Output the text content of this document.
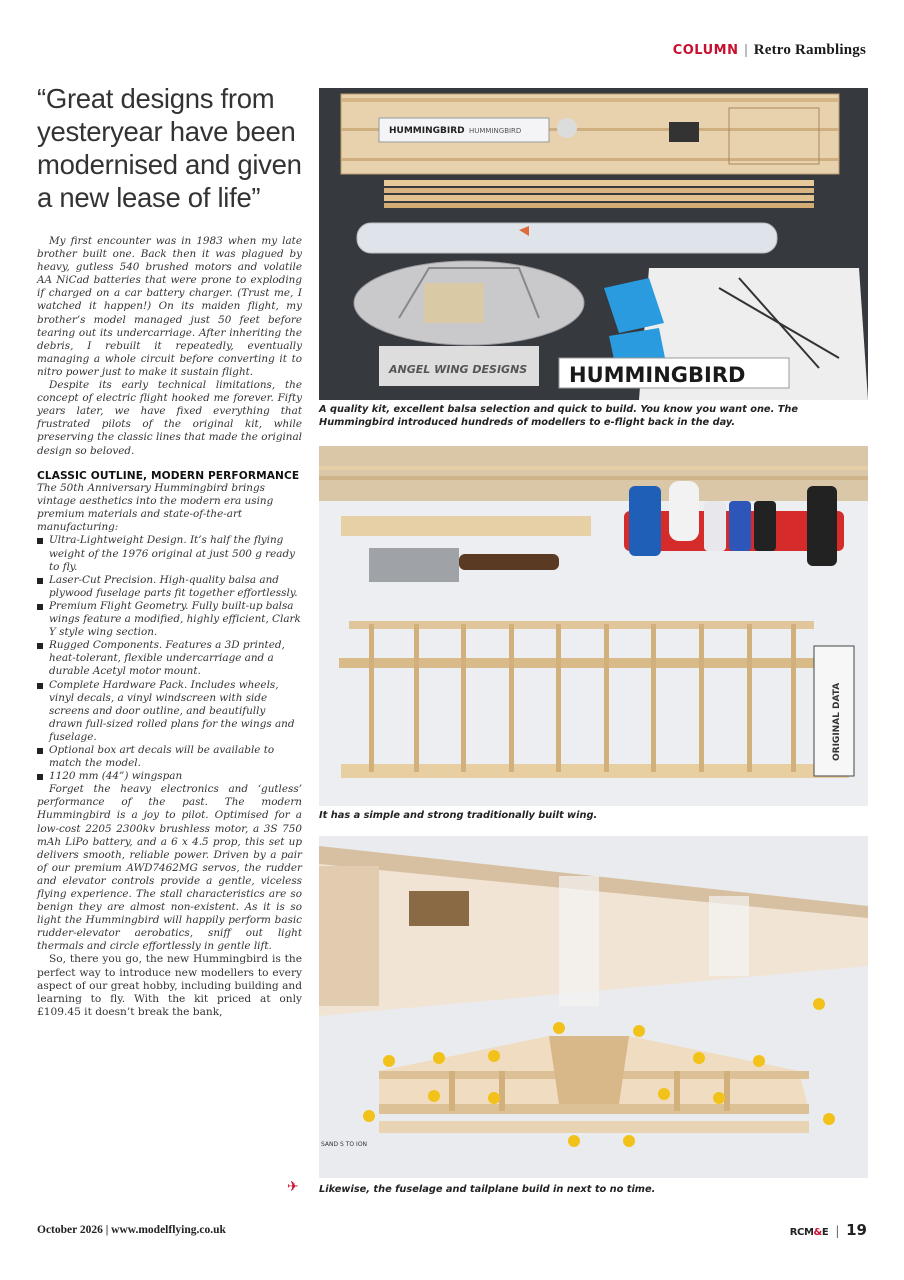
COLUMN | Retro Ramblings
“Great designs from yesteryear have been modernised and given a new lease of life”

My first encounter was in 1983 when my late brother built one. Back then it was plagued by heavy, gutless 540 brushed motors and volatile AA NiCad batteries that were prone to exploding if charged on a car battery charger. (Trust me, I watched it happen!) On its maiden flight, my brother’s model managed just 50 feet before tearing out its undercarriage. After inheriting the debris, I rebuilt it repeatedly, eventually managing a whole circuit before converting it to nitro power just to make it sustain flight.

Despite its early technical limitations, the concept of electric flight hooked me forever. Fifty years later, we have fixed everything that frustrated pilots of the original kit, while preserving the classic lines that made the original design so beloved.

CLASSIC OUTLINE, MODERN PERFORMANCE

The 50th Anniversary Hummingbird brings vintage aesthetics into the modern era using premium materials and state-of-the-art manufacturing:

Ultra-Lightweight Design. It’s half the flying weight of the 1976 original at just 500 g ready to fly.
Laser-Cut Precision. High-quality balsa and plywood fuselage parts fit together effortlessly.
Premium Flight Geometry. Fully built-up balsa wings feature a modified, highly efficient, Clark Y style wing section.
Rugged Components. Features a 3D printed, heat-tolerant, flexible undercarriage and a durable Acetyl motor mount.
Complete Hardware Pack. Includes wheels, vinyl decals, a vinyl windscreen with side screens and door outline, and beautifully drawn full-sized rolled plans for the wings and fuselage.
Optional box art decals will be available to match the model.
1120 mm (44”) wingspan

Forget the heavy electronics and ‘gutless’ performance of the past. The modern Hummingbird is a joy to pilot. Optimised for a low-cost 2205 2300kv brushless motor, a 3S 750 mAh LiPo battery, and a 6 x 4.5 prop, this set up delivers smooth, reliable power. Driven by a pair of our premium AWD7462MG servos, the rudder and elevator controls provide a gentle, viceless flying experience. The stall characteristics are so benign they are almost non-existent. As it is so light the Hummingbird will happily perform basic rudder-elevator aerobatics, sniff out light thermals and circle effortlessly in gentle lift.

So, there you go, the new Hummingbird is the perfect way to introduce new modellers to every aspect of our great hobby, including building and learning to fly. With the kit priced at only £109.45 it doesn’t break the bank,

✈
HUMMINGBIRD HUMMINGBIRD
HUMMINGBIRD
ANGEL WING DESIGNS
A quality kit, excellent balsa selection and quick to build. You know you want one. The Hummingbird introduced hundreds of modellers to e-flight back in the day.
ORIGINAL DATA
It has a simple and strong traditionally built wing.
SAND S TO ION
Likewise, the fuselage and tailplane build in next to no time.
October 2026 | www.modelflying.co.uk	RCM&E | 19
